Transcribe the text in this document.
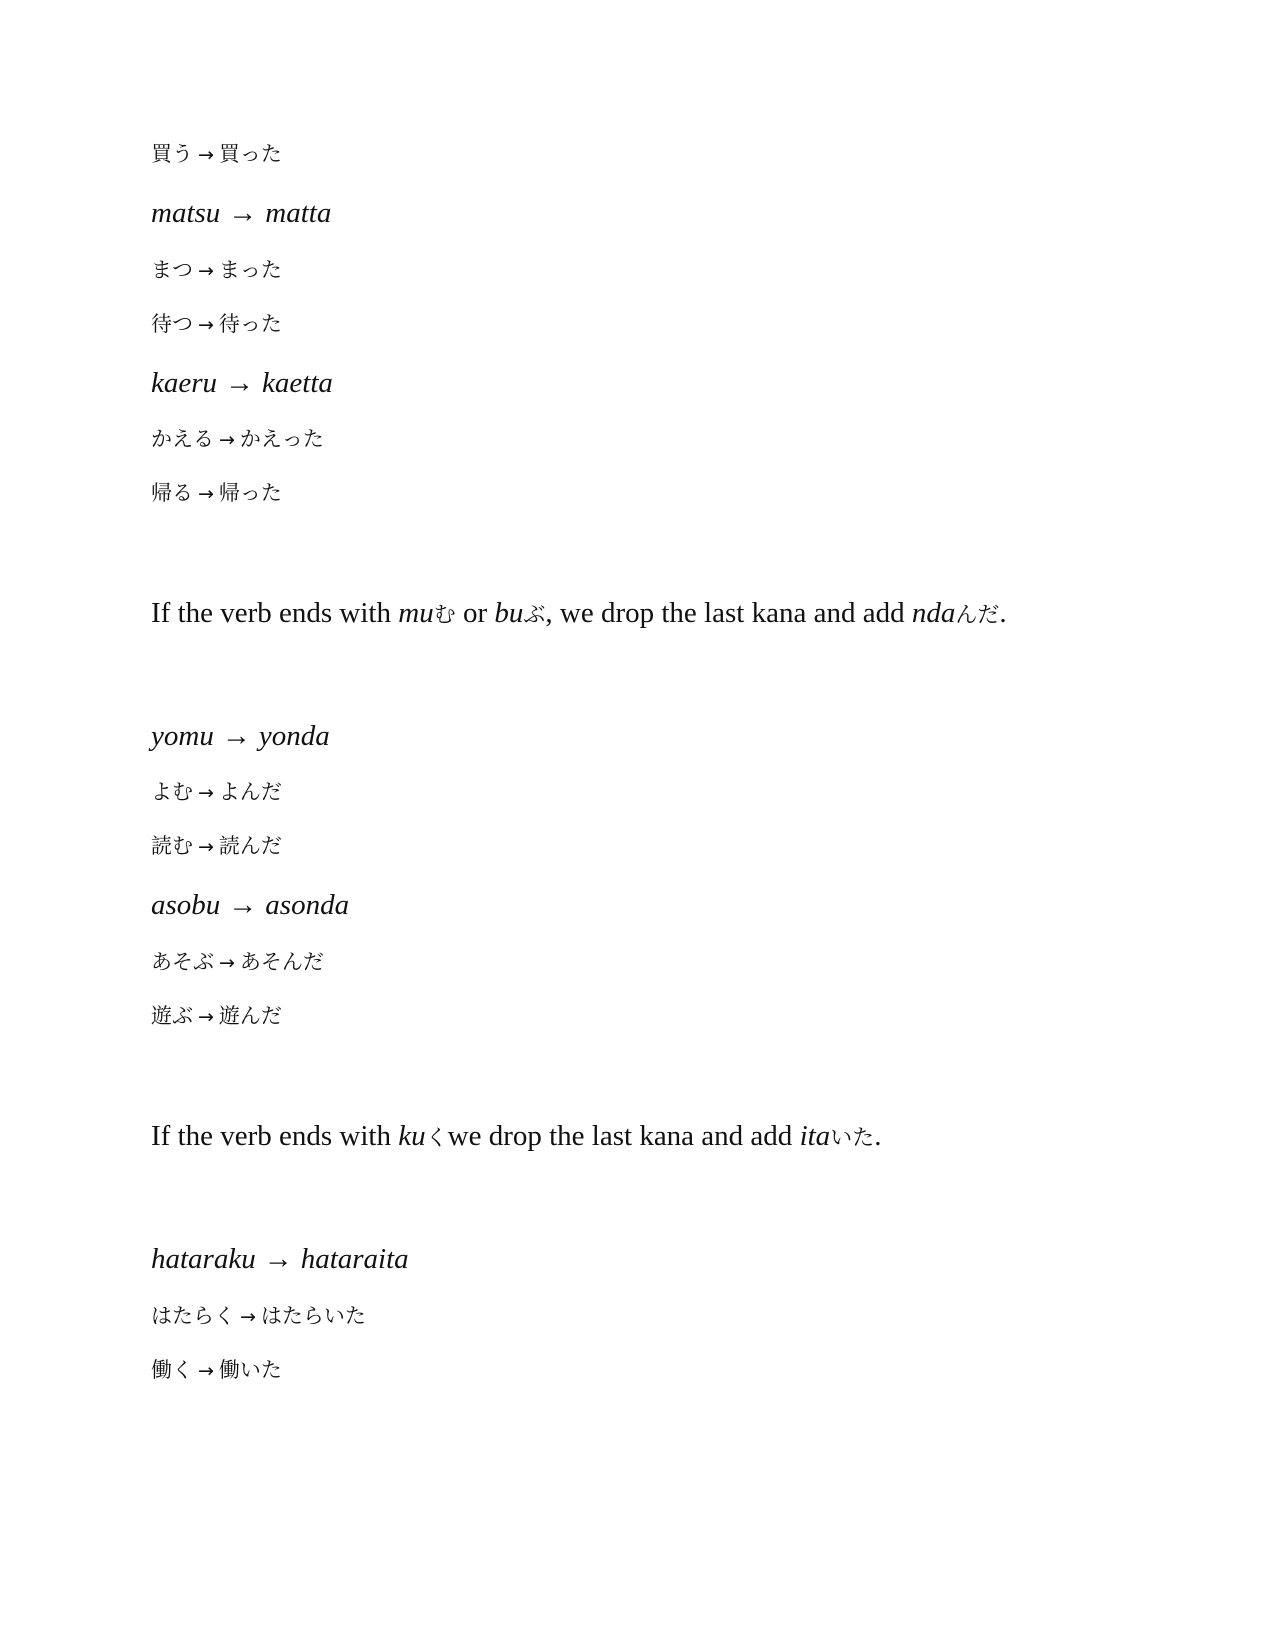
買う → 買った

matsu → matta

まつ → まった

待つ → 待った

kaeru → kaetta

かえる → かえった

帰る → 帰った

If the verb ends with muむ or buぶ, we drop the last kana and add ndaんだ.

yomu → yonda

よむ → よんだ

読む → 読んだ

asobu → asonda

あそぶ → あそんだ

遊ぶ → 遊んだ

If the verb ends with kuくwe drop the last kana and add itaいた.

hataraku → hataraita

はたらく → はたらいた

働く → 働いた
